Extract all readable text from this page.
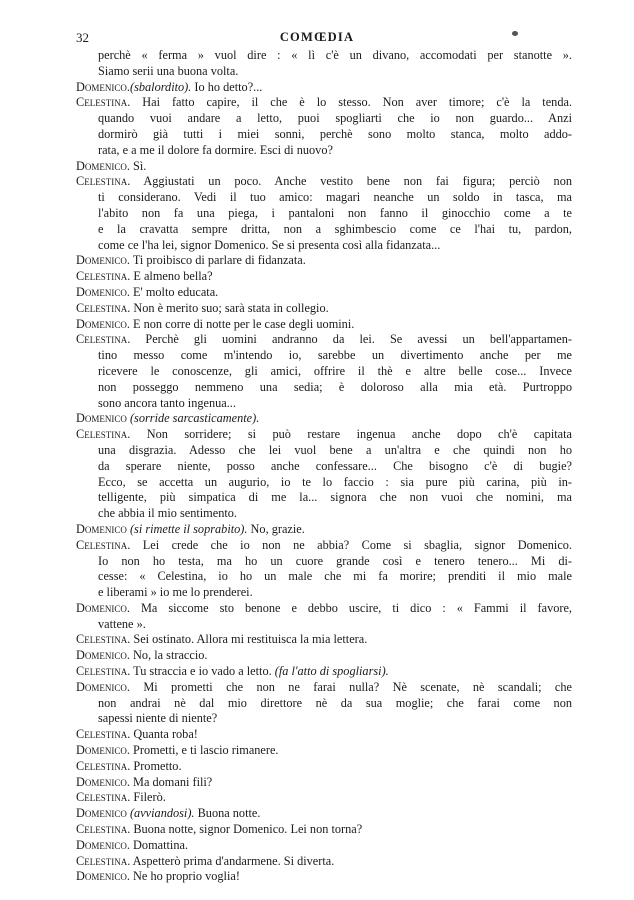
32	COMŒDIA
perchè « ferma » vuol dire : « lì c'è un divano, accomodati per stanotte ».
Siamo serii una buona volta.
Domenico.(sbalordito). Io ho detto?...
Celestina. Hai fatto capire, il che è lo stesso. Non aver timore; c'è la tenda.
quando vuoi andare a letto, puoi spogliarti che io non guardo... Anzi
dormirò già tutti i miei sonni, perchè sono molto stanca, molto addo-
rata, e a me il dolore fa dormire. Esci di nuovo?
Domenico. Sì.
Celestina. Aggiustati un poco. Anche vestito bene non fai figura; perciò non
ti considerano. Vedi il tuo amico: magari neanche un soldo in tasca, ma
l'abito non fa una piega, i pantaloni non fanno il ginocchio come a te
e la cravatta sempre dritta, non a sghimbescio come ce l'hai tu, pardon,
come ce l'ha lei, signor Domenico. Se si presenta così alla fidanzata...
Domenico. Ti proibisco di parlare di fidanzata.
Celestina. E almeno bella?
Domenico. E' molto educata.
Celestina. Non è merito suo; sarà stata in collegio.
Domenico. E non corre di notte per le case degli uomini.
Celestina. Perchè gli uomini andranno da lei. Se avessi un bell'appartamen-
tino messo come m'intendo io, sarebbe un divertimento anche per me
ricevere le conoscenze, gli amici, offrire il thè e altre belle cose... Invece
non posseggo nemmeno una sedia; è doloroso alla mia età. Purtroppo
sono ancora tanto ingenua...
Domenico (sorride sarcasticamente).
Celestina. Non sorridere; si può restare ingenua anche dopo ch'è capitata
una disgrazia. Adesso che lei vuol bene a un'altra e che quindi non ho
da sperare niente, posso anche confessare... Che bisogno c'è di bugie?
Ecco, se accetta un augurio, io te lo faccio : sia pure più carina, più in-
telligente, più simpatica di me la... signora che non vuoi che nomini, ma
che abbia il mio sentimento.
Domenico (si rimette il soprabito). No, grazie.
Celestina. Lei crede che io non ne abbia? Come si sbaglia, signor Domenico.
Io non ho testa, ma ho un cuore grande così e tenero tenero... Mi di-
cesse: « Celestina, io ho un male che mi fa morire; prenditi il mio male
e liberami » io me lo prenderei.
Domenico. Ma siccome sto benone e debbo uscire, ti dico : « Fammi il favore,
vattene ».
Celestina. Sei ostinato. Allora mi restituisca la mia lettera.
Domenico. No, la straccio.
Celestina. Tu straccia e io vado a letto. (fa l'atto di spogliarsi).
Domenico. Mi prometti che non ne farai nulla? Nè scenate, nè scandali; che
non andrai nè dal mio direttore nè da sua moglie; che farai come non
sapessi niente di niente?
Celestina. Quanta roba!
Domenico. Prometti, e ti lascio rimanere.
Celestina. Prometto.
Domenico. Ma domani fili?
Celestina. Filerò.
Domenico (avviandosi). Buona notte.
Celestina. Buona notte, signor Domenico. Lei non torna?
Domenico. Domattina.
Celestina. Aspetterò prima d'andarmene. Si diverta.
Domenico. Ne ho proprio voglia!
